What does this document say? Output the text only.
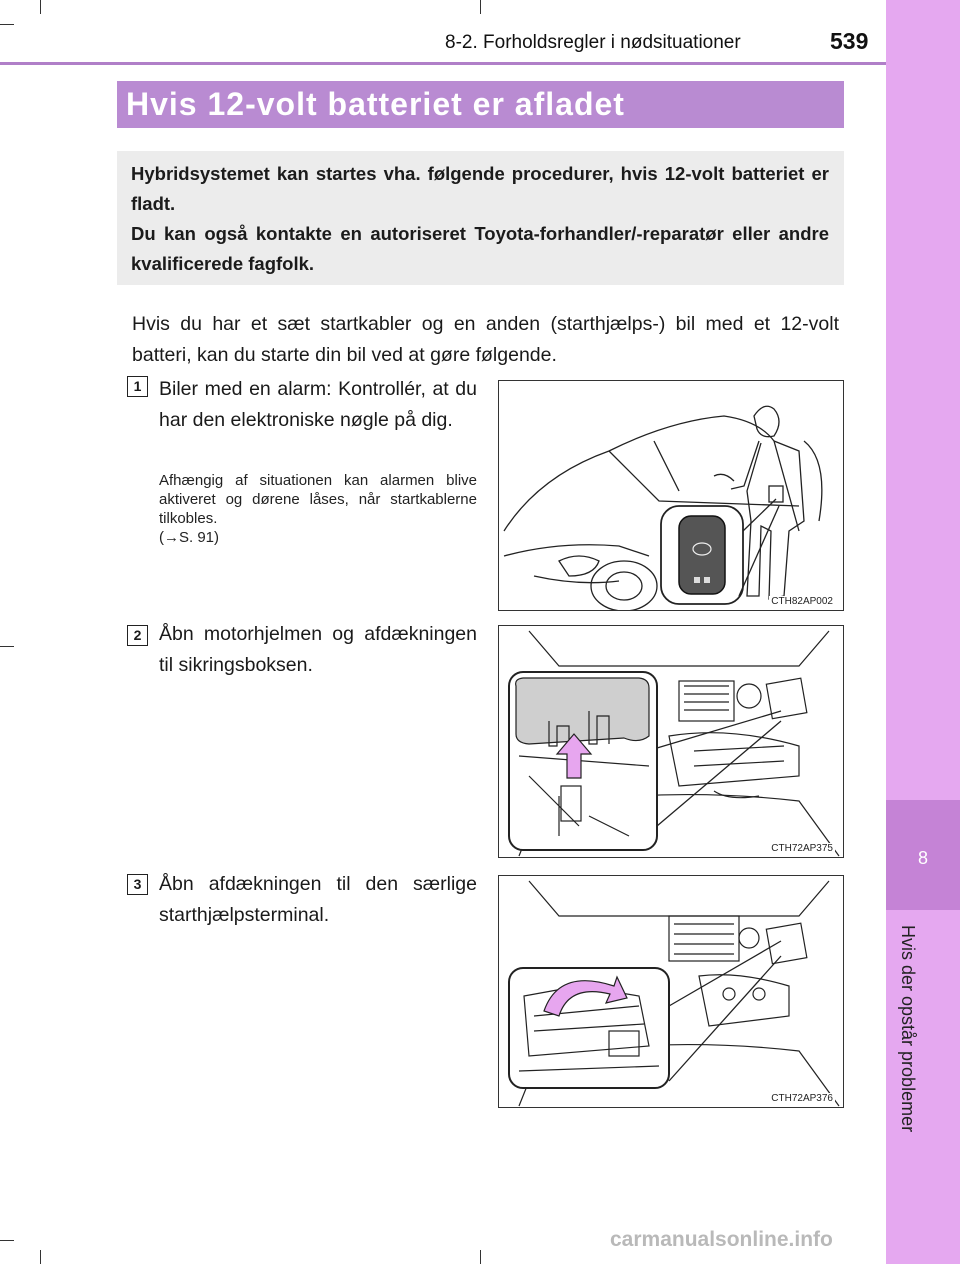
8
Hvis der opstår problemer
8-2. Forholdsregler i nødsituationer	539
Hvis 12-volt batteriet er afladet

Hybridsystemet kan startes vha. følgende procedurer, hvis 12-volt batteriet er fladt.

Du kan også kontakte en autoriseret Toyota-forhandler/-reparatør eller andre kvalificerede fagfolk.

Hvis du har et sæt startkabler og en anden (starthjælps-) bil med et 12-volt batteri, kan du starte din bil ved at gøre følgende.
1 Biler med en alarm: Kontrollér, at du har den elektroniske nøgle på dig.
Afhængig af situationen kan alarmen blive aktiveret og dørene låses, når startkablerne tilkobles.
(→S. 91)
CTH82AP002
2 Åbn motorhjelmen og afdækningen til sikringsboksen.
CTH72AP375
3 Åbn afdækningen til den særlige starthjælpsterminal.
CTH72AP376
carmanualsonline.info
